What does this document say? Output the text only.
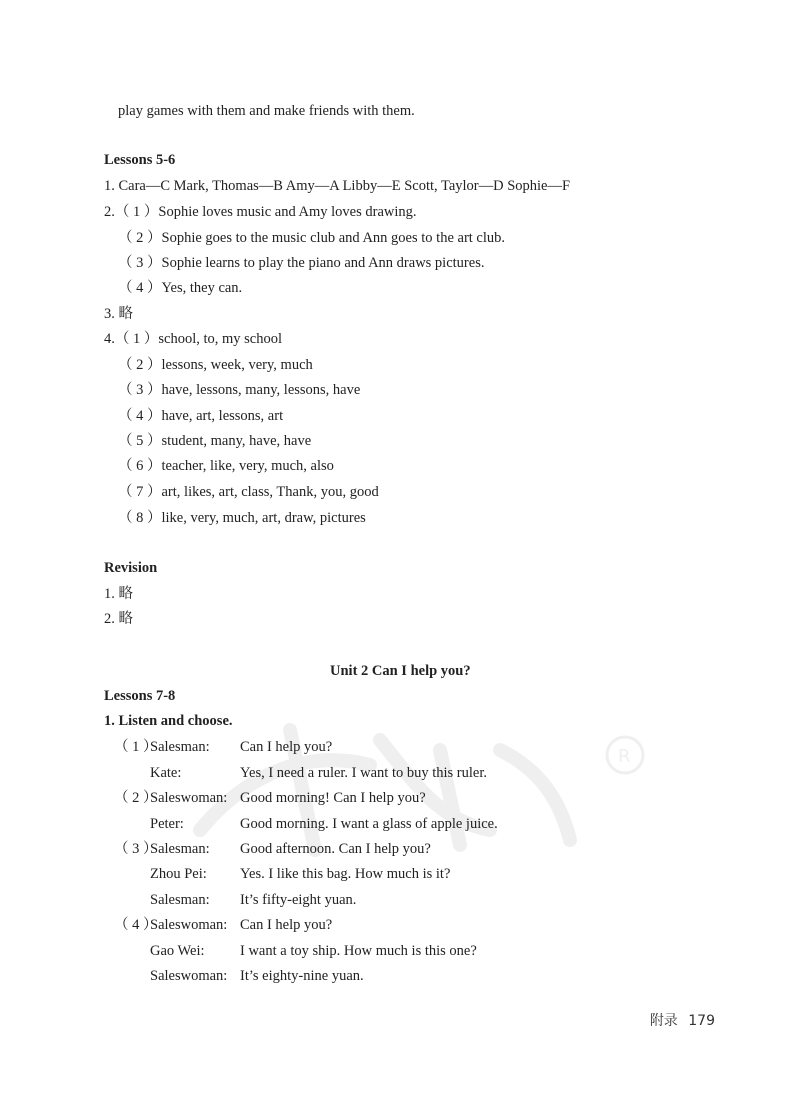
R
play games with them and make friends with them.
Lessons 5-6
1. Cara—C Mark, Thomas—B Amy—A Libby—E Scott, Taylor—D Sophie—F
2.（ 1 ）Sophie loves music and Amy loves drawing.
（ 2 ）Sophie goes to the music club and Ann goes to the art club.
（ 3 ）Sophie learns to play the piano and Ann draws pictures.
（ 4 ）Yes, they can.
3. 略
4.（ 1 ）school, to, my school
（ 2 ）lessons, week, very, much
（ 3 ）have, lessons, many, lessons, have
（ 4 ）have, art, lessons, art
（ 5 ）student, many, have, have
（ 6 ）teacher, like, very, much, also
（ 7 ）art, likes, art, class, Thank, you, good
（ 8 ）like, very, much, art, draw, pictures
Revision
1. 略
2. 略
Unit 2 Can I help you?
Lessons 7-8
1. Listen and choose.
（ 1 ）
Salesman: Can I help you?
Kate:	Yes, I need a ruler. I want to buy this ruler.
（ 2 ）
Saleswoman: Good morning! Can I help you?
Peter:	Good morning. I want a glass of apple juice.
（ 3 ）
Salesman: Good afternoon. Can I help you?
Zhou Pei: Yes. I like this bag. How much is it?
Salesman: It’s fifty-eight yuan.
（ 4 ）
Saleswoman: Can I help you?
Gao Wei: I want a toy ship. How much is this one?
Saleswoman: It’s eighty-nine yuan.
附录 179
